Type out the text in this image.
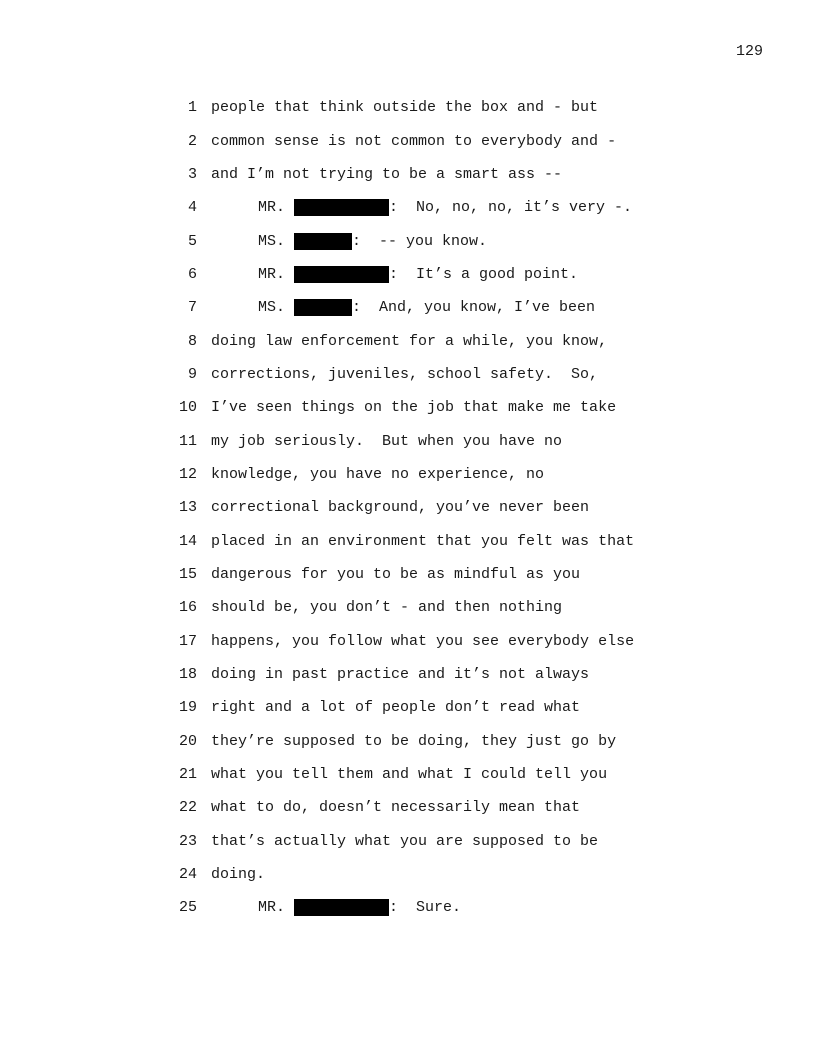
129
1 people that think outside the box and - but
2 common sense is not common to everybody and -
3 and I’m not trying to be a smart ass --
4	MR.	:  No, no, no, it’s very -.
5	MS.	:  -- you know.
6	MR.	:  It’s a good point.
7	MS.	:  And, you know, I’ve been
8 doing law enforcement for a while, you know,
9 corrections, juveniles, school safety.  So,
10 I’ve seen things on the job that make me take
11 my job seriously.  But when you have no
12 knowledge, you have no experience, no
13 correctional background, you’ve never been
14 placed in an environment that you felt was that
15 dangerous for you to be as mindful as you
16 should be, you don’t - and then nothing
17 happens, you follow what you see everybody else
18 doing in past practice and it’s not always
19 right and a lot of people don’t read what
20 they’re supposed to be doing, they just go by
21 what you tell them and what I could tell you
22 what to do, doesn’t necessarily mean that
23 that’s actually what you are supposed to be
24 doing.
25	MR.	:  Sure.
